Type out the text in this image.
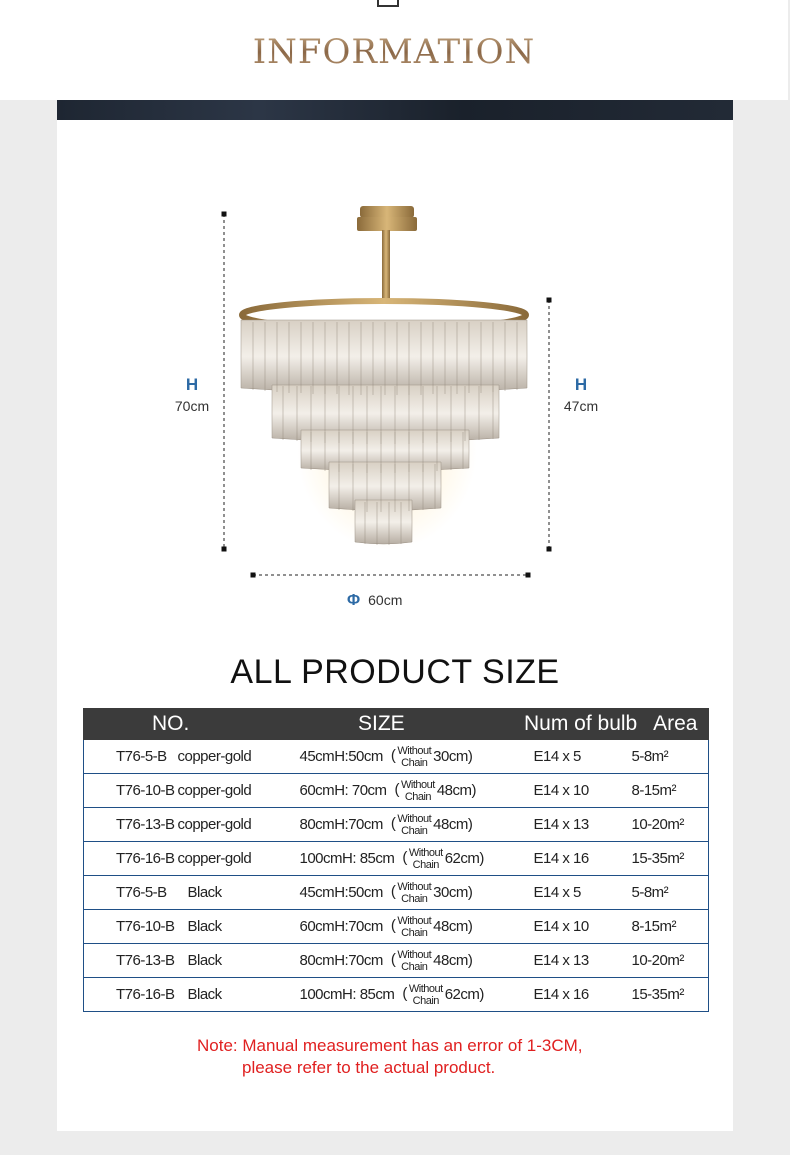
INFORMATION
H
70cm
H
47cm
Φ 60cm
ALL PRODUCT SIZE
NO.		SIZE	Num of bulb Area	
T76-5-B	copper-gold	45cmH:50cm ( Without
Chain 30cm)	E14 x 5	5-8m²
T76-10-B	copper-gold	60cmH: 70cm ( Without
Chain 48cm)	E14 x 10	8-15m²
T76-13-B	copper-gold	80cmH:70cm ( Without
Chain 48cm)	E14 x 13	10-20m²
T76-16-B	copper-gold	100cmH: 85cm ( Without
Chain 62cm)	E14 x 16	15-35m²
T76-5-B	Black	45cmH:50cm ( Without
Chain 30cm)	E14 x 5	5-8m²
T76-10-B	Black	60cmH:70cm ( Without
Chain 48cm)	E14 x 10	8-15m²
T76-13-B	Black	80cmH:70cm ( Without
Chain 48cm)	E14 x 13	10-20m²
T76-16-B	Black	100cmH: 85cm ( Without
Chain 62cm)	E14 x 16	15-35m²
Note: Manual measurement has an error of 1-3CM,
please refer to the actual product.
